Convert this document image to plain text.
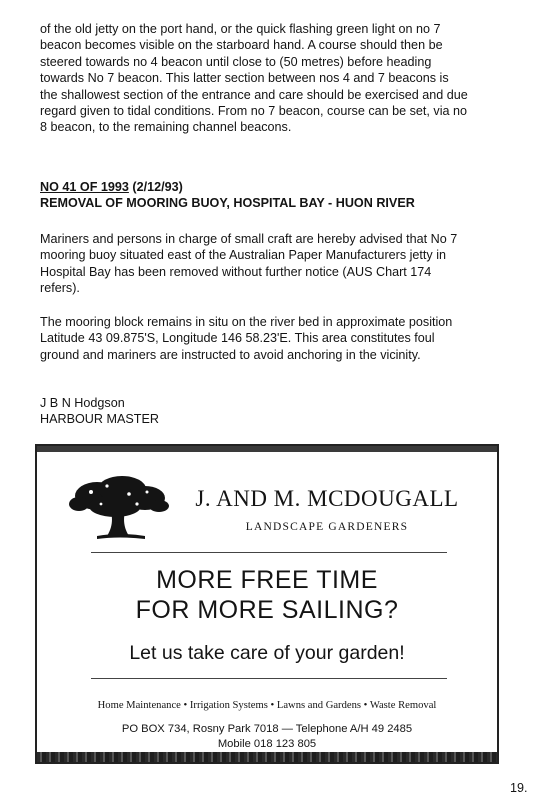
of the old jetty on the port hand, or the quick flashing green light on no 7
beacon becomes visible on the starboard hand. A course should then be
steered towards no 4 beacon until close to (50 metres) before heading
towards No 7 beacon. This latter section between nos 4 and 7 beacons is
the shallowest section of the entrance and care should be exercised and due
regard given to tidal conditions. From no 7 beacon, course can be set, via no
8 beacon, to the remaining channel beacons.
NO 41 OF 1993 (2/12/93)
REMOVAL OF MOORING BUOY, HOSPITAL BAY - HUON RIVER
Mariners and persons in charge of small craft are hereby advised that No 7
mooring buoy situated east of the Australian Paper Manufacturers jetty in
Hospital Bay has been removed without further notice (AUS Chart 174
refers).
The mooring block remains in situ on the river bed in approximate position
Latitude 43 09.875'S, Longitude 146 58.23'E. This area constitutes foul
ground and mariners are instructed to avoid anchoring in the vicinity.
J B N Hodgson
HARBOUR MASTER
J. AND M. MCDOUGALL
LANDSCAPE GARDENERS
MORE FREE TIME
FOR MORE SAILING?
Let us take care of your garden!
Home Maintenance • Irrigation Systems • Lawns and Gardens • Waste Removal
PO BOX 734, Rosny Park 7018 — Telephone A/H 49 2485
Mobile 018 123 805
19.
